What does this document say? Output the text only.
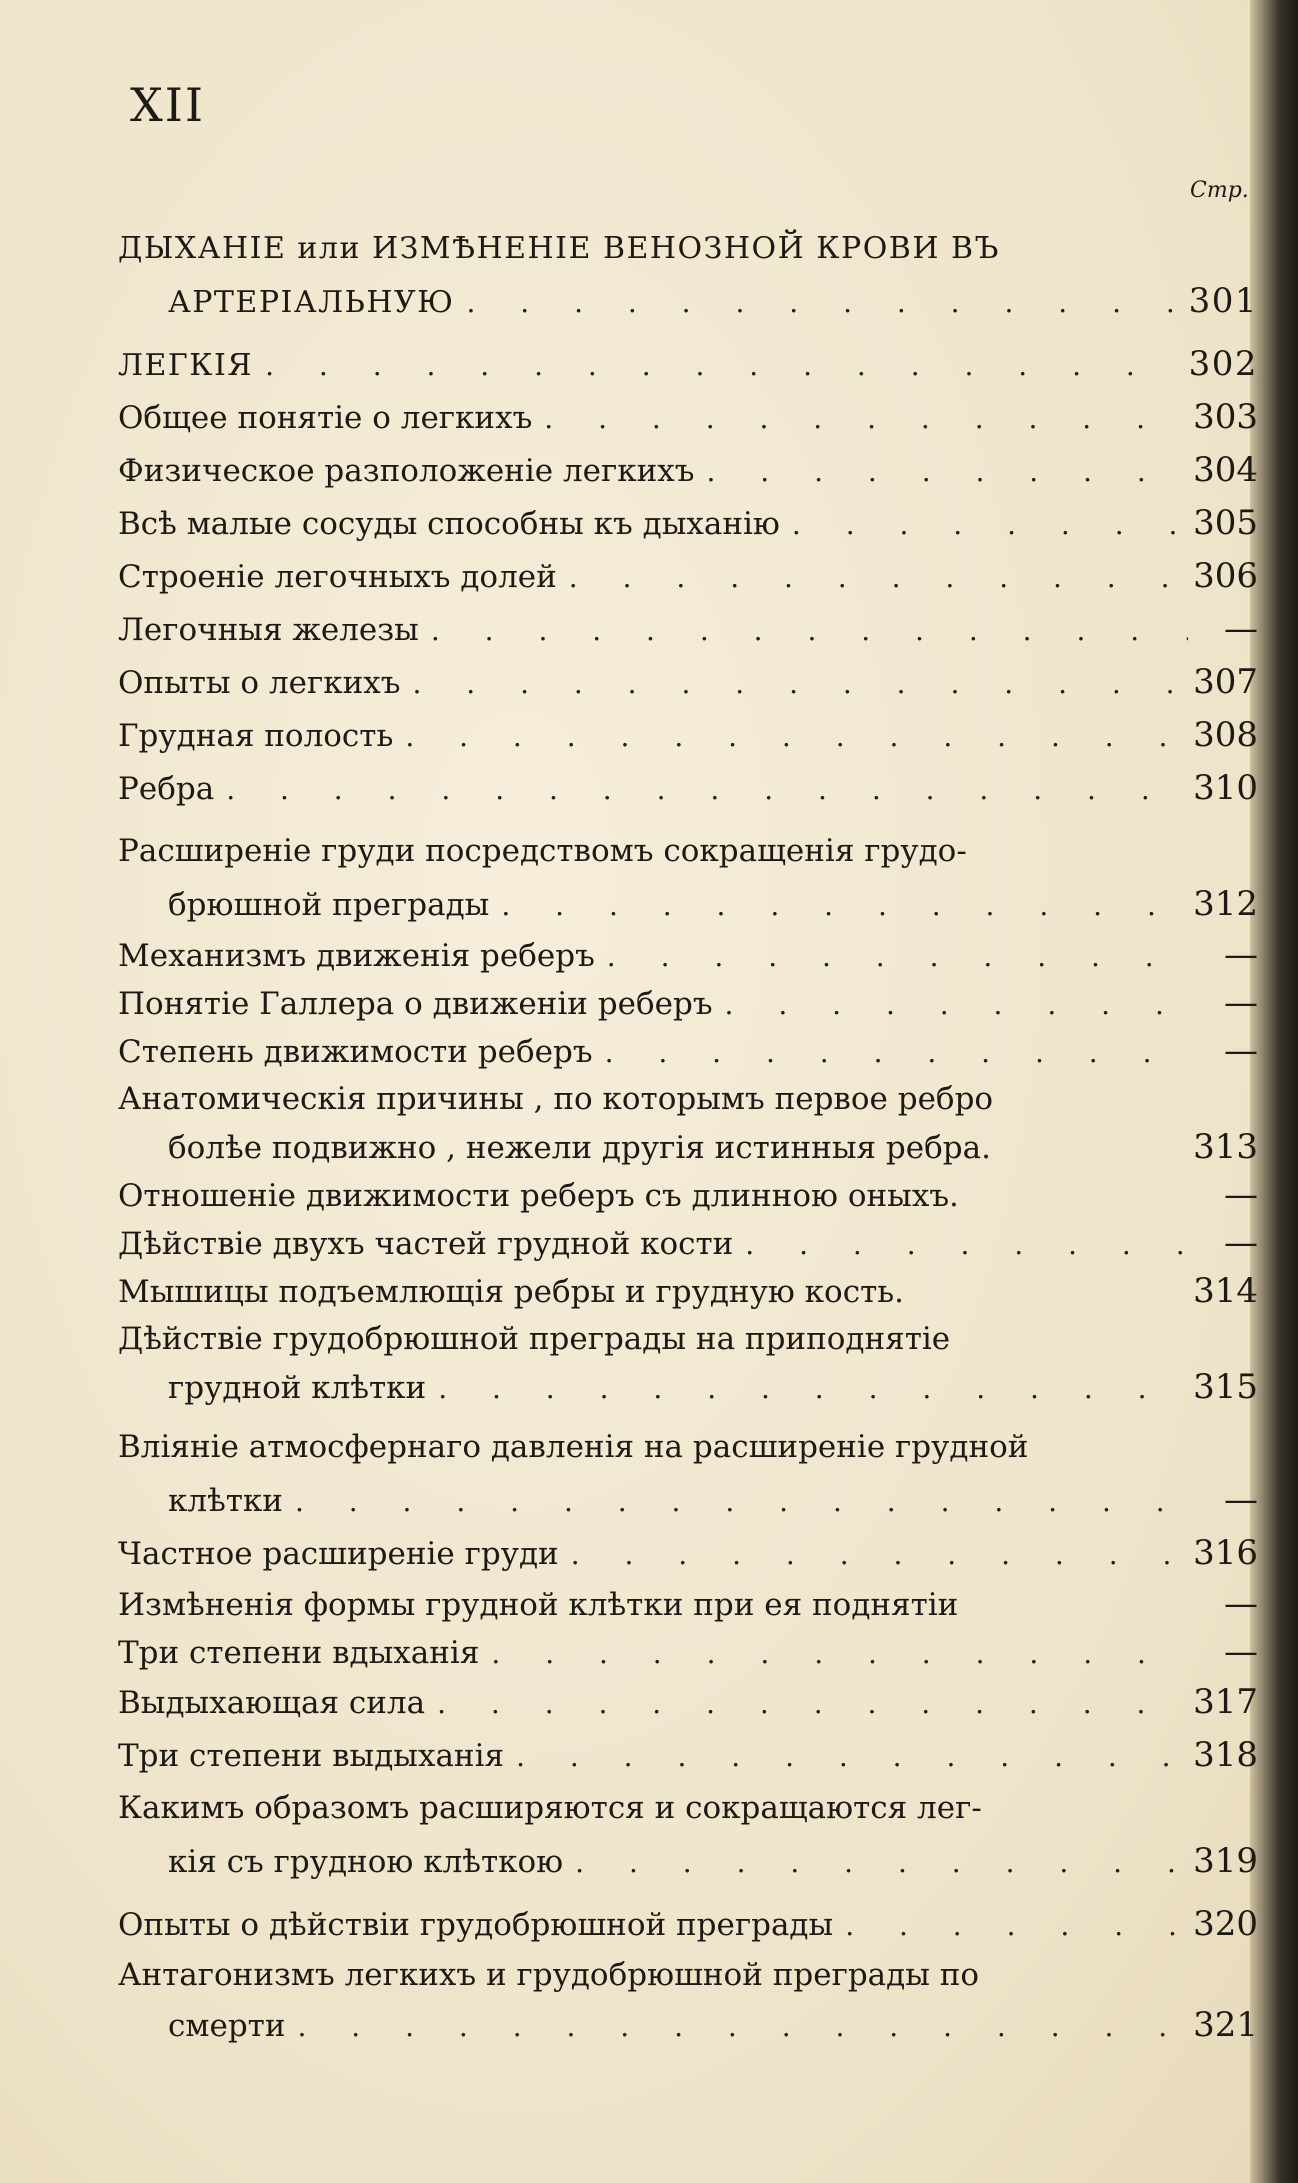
XII
Стр.
ДЫХАНІЕ или ИЗМѢНЕНІЕ ВЕНОЗНОЙ КРОВИ ВЪ
АРТЕРІАЛЬНУЮ . . .	301
ЛЕГКІЯ . . .	302
Общее понятіе о легкихъ . . .	303
Физическое разположеніе легкихъ . . .	304
Всѣ малые сосуды способны къ дыханію . . .	305
Строеніе легочныхъ долей . . .	306
Легочныя железы . . .	—
Опыты о легкихъ . . .	307
Грудная полость . . .	308
Ребра . . .	310
Расширеніе груди посредствомъ сокращенія грудо-
брюшной преграды . . .	312
Механизмъ движенія реберъ . . .	—
Понятіе Галлера о движеніи реберъ . . .	—
Степень движимости реберъ . . .	—
Анатомическія причины , по которымъ первое ребро
болѣе подвижно , нежели другія истинныя ребра.	313
Отношеніе движимости реберъ съ длинною оныхъ.	—
Дѣйствіе двухъ частей грудной кости . . .	—
Мышицы подъемлющія ребры и грудную кость.	314
Дѣйствіе грудобрюшной преграды на приподнятіе
грудной клѣтки . . .	315
Вліяніе атмосфернаго давленія на расширеніе грудной
клѣтки . . .	—
Частное расширеніе груди . . .	316
Измѣненія формы грудной клѣтки при ея поднятіи	—
Три степени вдыханія . . .	—
Выдыхающая сила . . .	317
Три степени выдыханія . . .	318
Какимъ образомъ расширяются и сокращаются лег-
кія съ грудною клѣткою . . .	319
Опыты о дѣйствіи грудобрюшной преграды . . .	320
Антагонизмъ легкихъ и грудобрюшной преграды по
смерти . . .	321
